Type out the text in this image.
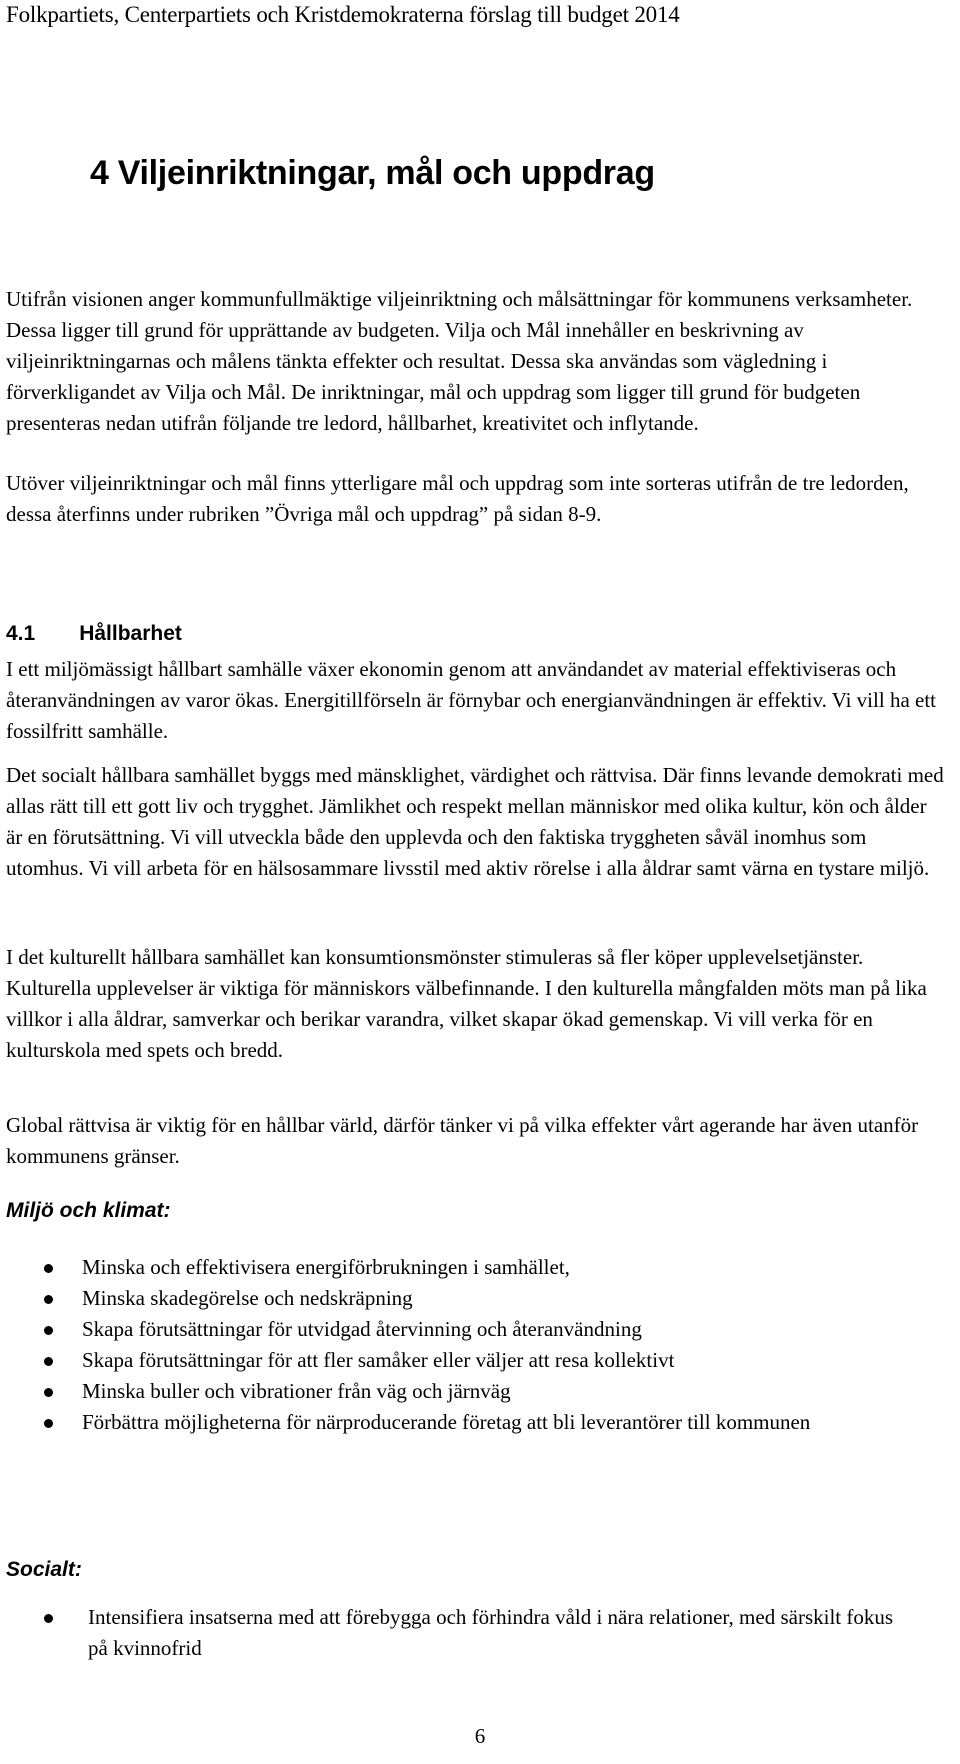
Folkpartiets, Centerpartiets och Kristdemokraterna förslag till budget 2014
4 Viljeinriktningar, mål och uppdrag

Utifrån visionen anger kommunfullmäktige viljeinriktning och målsättningar för kommunens verksamheter. Dessa ligger till grund för upprättande av budgeten. Vilja och Mål innehåller en beskrivning av viljeinriktningarnas och målens tänkta effekter och resultat. Dessa ska användas som vägledning i förverkligandet av Vilja och Mål. De inriktningar, mål och uppdrag som ligger till grund för budgeten presenteras nedan utifrån följande tre ledord, hållbarhet, kreativitet och inflytande.

Utöver viljeinriktningar och mål finns ytterligare mål och uppdrag som inte sorteras utifrån de tre ledorden, dessa återfinns under rubriken ”Övriga mål och uppdrag” på sidan 8-9.

4.1 Hållbarhet

I ett miljömässigt hållbart samhälle växer ekonomin genom att användandet av material effektiviseras och återanvändningen av varor ökas. Energitillförseln är förnybar och energianvändningen är effektiv. Vi vill ha ett fossilfritt samhälle.

Det socialt hållbara samhället byggs med mänsklighet, värdighet och rättvisa. Där finns levande demokrati med allas rätt till ett gott liv och trygghet. Jämlikhet och respekt mellan människor med olika kultur, kön och ålder är en förutsättning. Vi vill utveckla både den upplevda och den faktiska tryggheten såväl inomhus som utomhus. Vi vill arbeta för en hälsosammare livsstil med aktiv rörelse i alla åldrar samt värna en tystare miljö.

I det kulturellt hållbara samhället kan konsumtionsmönster stimuleras så fler köper upplevelsetjänster. Kulturella upplevelser är viktiga för människors välbefinnande. I den kulturella mångfalden möts man på lika villkor i alla åldrar, samverkar och berikar varandra, vilket skapar ökad gemenskap. Vi vill verka för en kulturskola med spets och bredd.

Global rättvisa är viktig för en hållbar värld, därför tänker vi på vilka effekter vårt agerande har även utanför kommunens gränser.

Miljö och klimat:
Minska och effektivisera energiförbrukningen i samhället,
Minska skadegörelse och nedskräpning
Skapa förutsättningar för utvidgad återvinning och återanvändning
Skapa förutsättningar för att fler samåker eller väljer att resa kollektivt
Minska buller och vibrationer från väg och järnväg
Förbättra möjligheterna för närproducerande företag att bli leverantörer till kommunen
Socialt:
Intensifiera insatserna med att förebygga och förhindra våld i nära relationer, med särskilt fokus på kvinnofrid
6
